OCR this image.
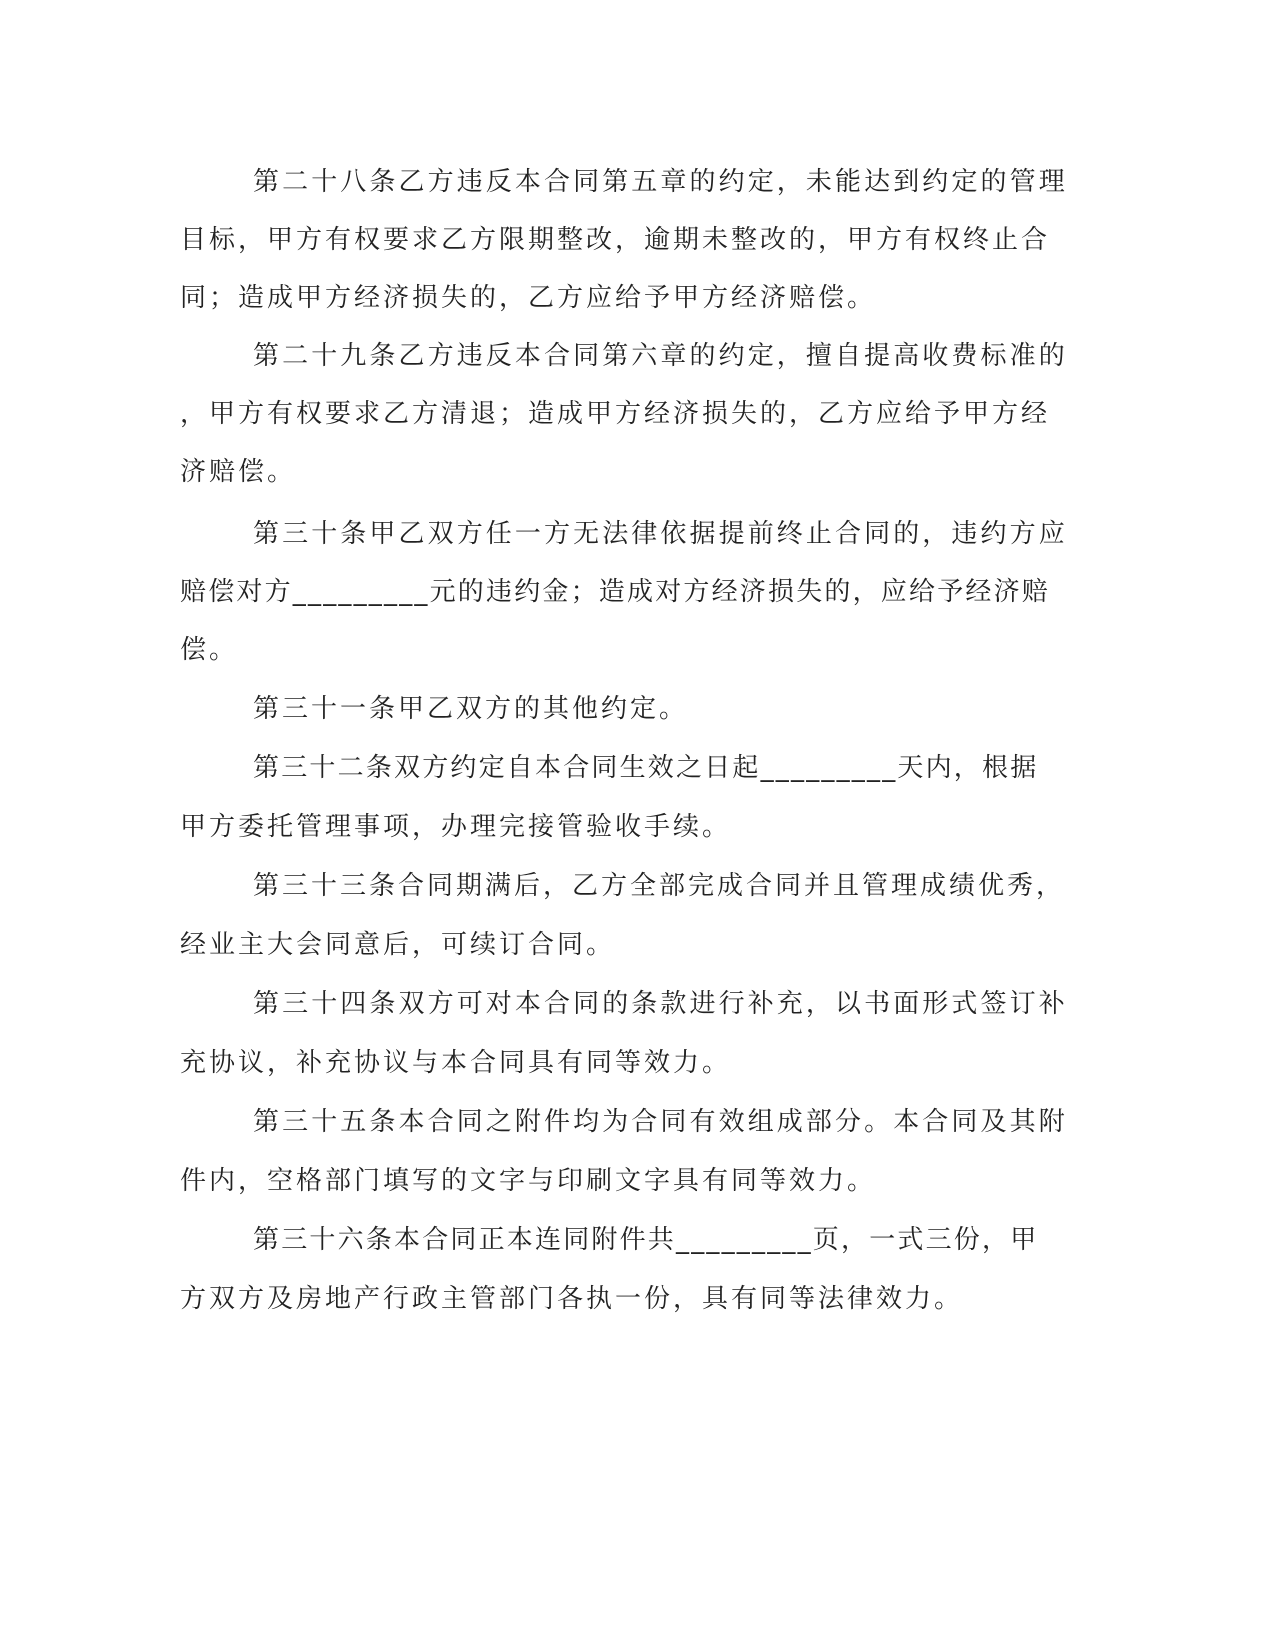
第二十八条乙方违反本合同第五章的约定，未能达到约定的管理

目标，甲方有权要求乙方限期整改，逾期未整改的，甲方有权终止合

同；造成甲方经济损失的，乙方应给予甲方经济赔偿。

第二十九条乙方违反本合同第六章的约定，擅自提高收费标准的

，甲方有权要求乙方清退；造成甲方经济损失的，乙方应给予甲方经

济赔偿。

第三十条甲乙双方任一方无法律依据提前终止合同的，违约方应

赔偿对方_________元的违约金；造成对方经济损失的，应给予经济赔

偿。

第三十一条甲乙双方的其他约定。

第三十二条双方约定自本合同生效之日起_________天内，根据

甲方委托管理事项，办理完接管验收手续。

第三十三条合同期满后，乙方全部完成合同并且管理成绩优秀，

经业主大会同意后，可续订合同。

第三十四条双方可对本合同的条款进行补充，以书面形式签订补

充协议，补充协议与本合同具有同等效力。

第三十五条本合同之附件均为合同有效组成部分。本合同及其附

件内，空格部门填写的文字与印刷文字具有同等效力。

第三十六条本合同正本连同附件共_________页，一式三份，甲

方双方及房地产行政主管部门各执一份，具有同等法律效力。
